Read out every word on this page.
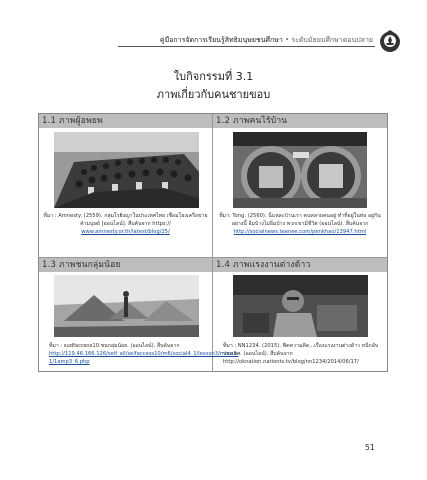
คู่มือการจัดการเรียนรู้สิทธิมนุษยชนศึกษา • ระดับมัธยมศึกษาตอนปลาย
ใบกิจกรรมที่ 3.1
ภาพเกี่ยวกับคนชายขอบ
1.1 ภาพผู้อพยพ
ที่มา : Amnesty. (2559). กลุ่มโรฮิงญาในประเทศไทย เชื่อมโยงเครือข่ายค้ามนุษย์ [ออนไลน์]. สืบค้นจาก https://
www.amnesty.or.th/latest/blog/25/
1.2 ภาพคนไร้บ้าน
ที่มา: Tong. (2560). นี่แหละบ้านเรา คนหลายคนอยู่ ทำที่อยู่ในท่อ อยู่กันอย่างนี้ อิ่มบ้างไม่อิ่มบ้าง พวกเขามีชีวิต (ออนไลน์). สืบค้นจาก http://socialnews.teenee.com/penkhao/13947.html
1.3 ภาพชนกลุ่มน้อย
ที่มา : sudfaccess10.ชนกลุ่มน้อย. (ออนไลน์). สืบค้นจาก
http://119.46.166.126/self_all/selfaccess10/m6/social4_1/lesson3/more3-1/1amp3_6.php
1.4 ภาพแรงงานต่างด้าว
ที่มา : NN1234. (2015). ฟิตความคิด...เรื่องแรงงานต่างด้าว หนีกลับประเทศ. (ออนไลน์). สืบค้นจาก http://oknation.nationtv.tv/blog/nn1234/2014/06/17/
51
